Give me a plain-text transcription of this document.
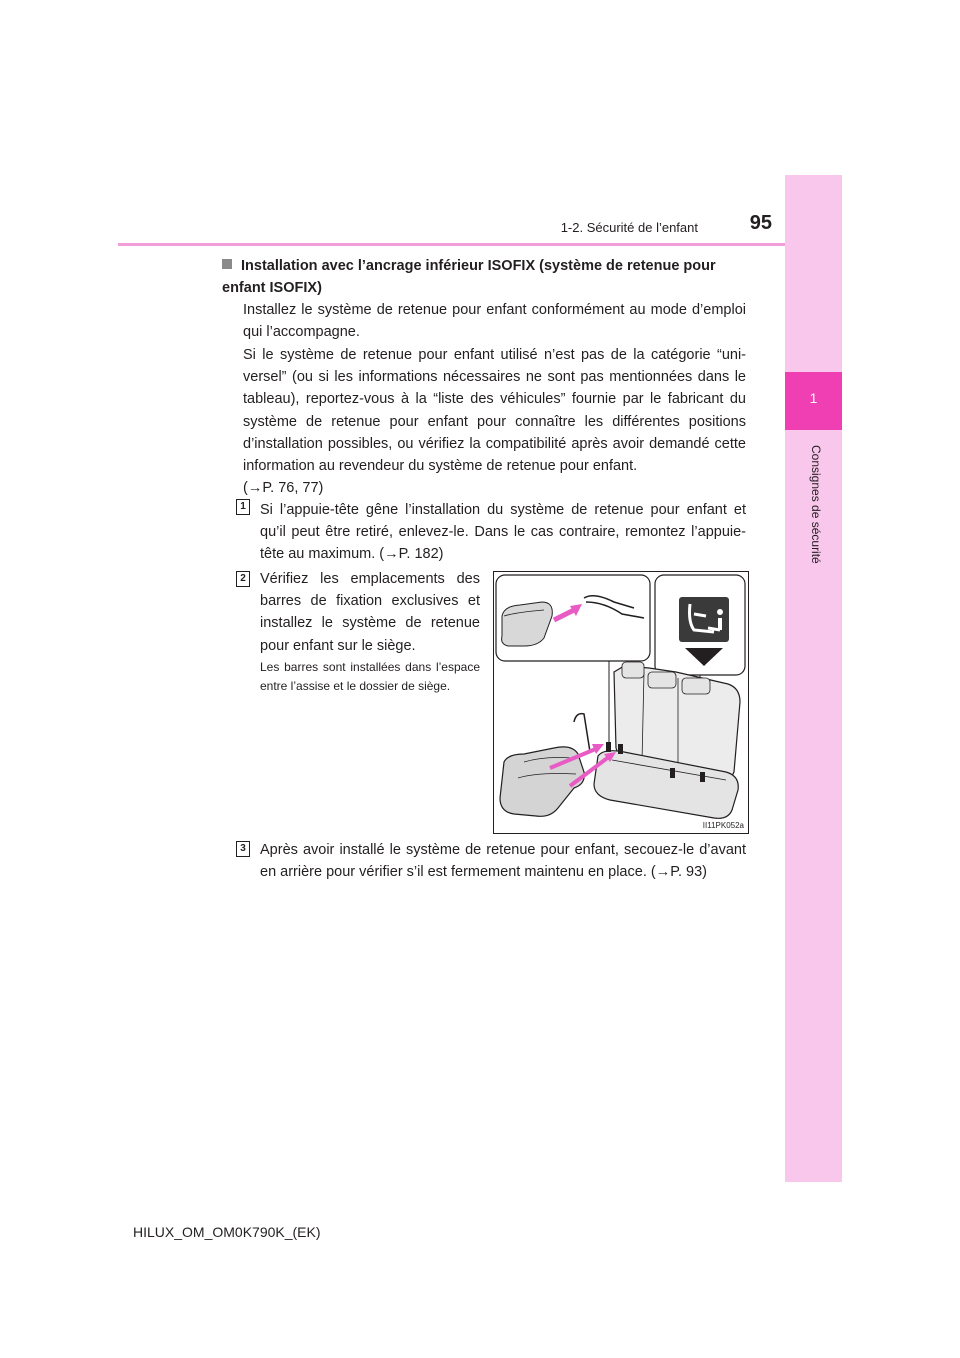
1
Consignes de sécurité
1-2. Sécurité de l’enfant	95
Installation avec l’ancrage inférieur ISOFIX (système de retenue pour enfant ISOFIX)
Installez le système de retenue pour enfant conformément au mode d’emploi qui l’accompagne.
Si le système de retenue pour enfant utilisé n’est pas de la catégorie “uni- versel” (ou si les informations nécessaires ne sont pas mentionnées dans le tableau), reportez-vous à la “liste des véhicules” fournie par le fabricant du système de retenue pour enfant pour connaître les différentes positions d’installation possibles, ou vérifiez la compatibilité après avoir demandé cette information au revendeur du système de retenue pour enfant.
(→P. 76, 77)
1 Si l’appuie-tête gêne l’installation du système de retenue pour enfant et qu’il peut être retiré, enlevez-le. Dans le cas contraire, remontez l’appuie-tête au maximum. (→P. 182)
2 Vérifiez les emplacements des barres de fixation exclusives et installez le système de retenue pour enfant sur le siège.
Les barres sont installées dans l’espace entre l’assise et le dossier de siège.
II11PK052a
3 Après avoir installé le système de retenue pour enfant, secouez-le d’avant en arrière pour vérifier s’il est fermement maintenu en place. (→P. 93)
HILUX_OM_OM0K790K_(EK)
